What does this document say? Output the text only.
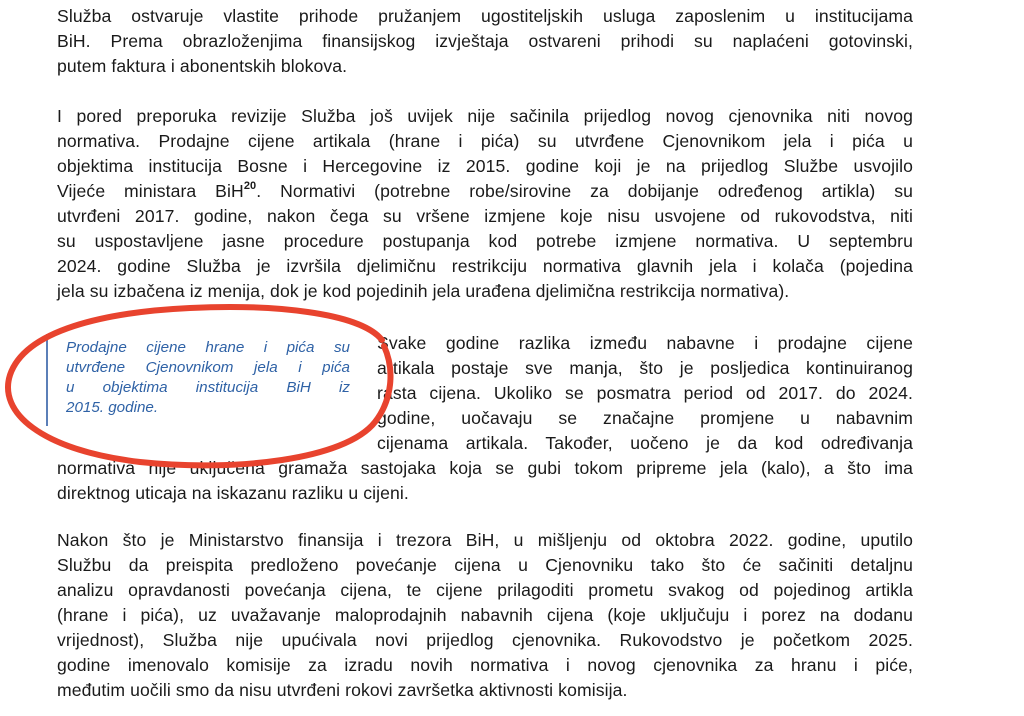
Služba ostvaruje vlastite prihode pružanjem ugostiteljskih usluga zaposlenim u institucijama
BiH. Prema obrazloženjima finansijskog izvještaja ostvareni prihodi su naplaćeni gotovinski,
putem faktura i abonentskih blokova.
I pored preporuka revizije Služba još uvijek nije sačinila prijedlog novog cjenovnika niti novog
normativa. Prodajne cijene artikala (hrane i pića) su utvrđene Cjenovnikom jela i pića u
objektima institucija Bosne i Hercegovine iz 2015. godine koji je na prijedlog Službe usvojilo
Vijeće ministara BiH$^{20}$. Normativi (potrebne robe/sirovine za dobijanje određenog artikla) su
utvrđeni 2017. godine, nakon čega su vršene izmjene koje nisu usvojene od rukovodstva, niti
su uspostavljene jasne procedure postupanja kod potrebe izmjene normativa. U septembru
2024. godine Služba je izvršila djelimičnu restrikciju normativa glavnih jela i kolača (pojedina
jela su izbačena iz menija, dok je kod pojedinih jela urađena djelimična restrikcija normativa).
Svake godine razlika između nabavne i prodajne cijene
artikala postaje sve manja, što je posljedica kontinuiranog
rasta cijena. Ukoliko se posmatra period od 2017. do 2024.
godine, uočavaju se značajne promjene u nabavnim
cijenama artikala. Također, uočeno je da kod određivanja
normativa nije uključena gramaža sastojaka koja se gubi tokom pripreme jela (kalo), a što ima
direktnog uticaja na iskazanu razliku u cijeni.
Prodajne cijene hrane i pića su
utvrđene Cjenovnikom jela i pića
u objektima institucija BiH iz
2015. godine.
Nakon što je Ministarstvo finansija i trezora BiH, u mišljenju od oktobra 2022. godine, uputilo
Službu da preispita predloženo povećanje cijena u Cjenovniku tako što će sačiniti detaljnu
analizu opravdanosti povećanja cijena, te cijene prilagoditi prometu svakog od pojedinog artikla
(hrane i pića), uz uvažavanje maloprodajnih nabavnih cijena (koje uključuju i porez na dodanu
vrijednost), Služba nije upućivala novi prijedlog cjenovnika. Rukovodstvo je početkom 2025.
godine imenovalo komisije za izradu novih normativa i novog cjenovnika za hranu i piće,
međutim uočili smo da nisu utvrđeni rokovi završetka aktivnosti komisija.
